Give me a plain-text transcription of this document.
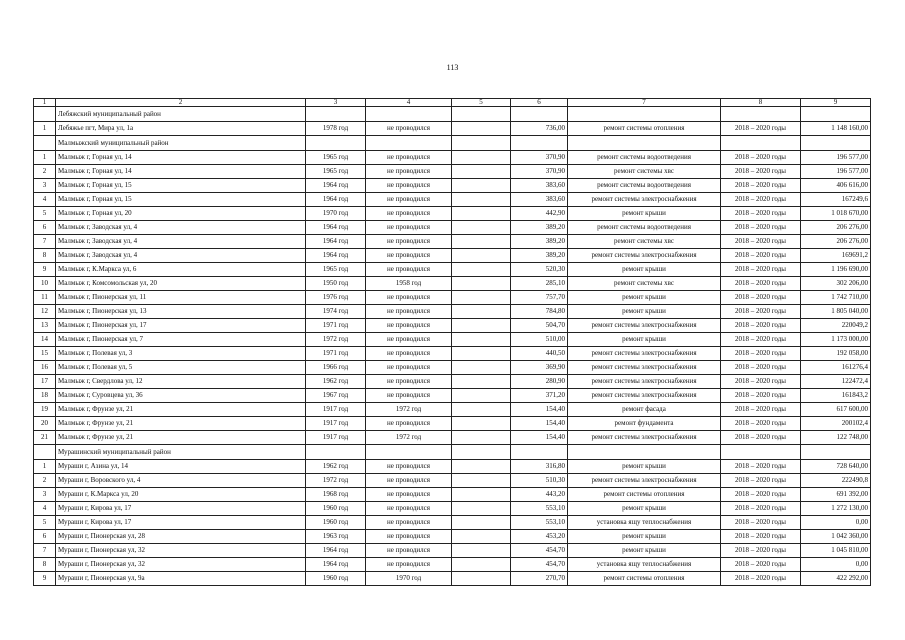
113
1	2	3	4	5	6	7	8	9
	Лебяжский муниципальный район							
1	Лебяжье пгт, Мира ул, 1а	1978 год	не проводился		736,00	ремонт системы отопления	2018 – 2020 годы	1 148 160,00
	Малмыжский муниципальный район							
1	Малмыж г, Горная ул, 14	1965 год	не проводился		370,90	ремонт системы водоотведения	2018 – 2020 годы	196 577,00
2	Малмыж г, Горная ул, 14	1965 год	не проводился		370,90	ремонт системы хвс	2018 – 2020 годы	196 577,00
3	Малмыж г, Горная ул, 15	1964 год	не проводился		383,60	ремонт системы водоотведения	2018 – 2020 годы	406 616,00
4	Малмыж г, Горная ул, 15	1964 год	не проводился		383,60	ремонт системы электроснабжения	2018 – 2020 годы	167249,6
5	Малмыж г, Горная ул, 20	1970 год	не проводился		442,90	ремонт крыши	2018 – 2020 годы	1 018 670,00
6	Малмыж г, Заводская ул, 4	1964 год	не проводился		389,20	ремонт системы водоотведения	2018 – 2020 годы	206 276,00
7	Малмыж г, Заводская ул, 4	1964 год	не проводился		389,20	ремонт системы хвс	2018 – 2020 годы	206 276,00
8	Малмыж г, Заводская ул, 4	1964 год	не проводился		389,20	ремонт системы электроснабжения	2018 – 2020 годы	169691,2
9	Малмыж г, К.Маркса ул, 6	1965 год	не проводился		520,30	ремонт крыши	2018 – 2020 годы	1 196 690,00
10	Малмыж г, Комсомольская ул, 20	1950 год	1958 год		285,10	ремонт системы хвс	2018 – 2020 годы	302 206,00
11	Малмыж г, Пионерская ул, 11	1976 год	не проводился		757,70	ремонт крыши	2018 – 2020 годы	1 742 710,00
12	Малмыж г, Пионерская ул, 13	1974 год	не проводился		784,80	ремонт крыши	2018 – 2020 годы	1 805 040,00
13	Малмыж г, Пионерская ул, 17	1971 год	не проводился		504,70	ремонт системы электроснабжения	2018 – 2020 годы	220049,2
14	Малмыж г, Пионерская ул, 7	1972 год	не проводился		510,00	ремонт крыши	2018 – 2020 годы	1 173 000,00
15	Малмыж г, Полевая ул, 3	1971 год	не проводился		440,50	ремонт системы электроснабжения	2018 – 2020 годы	192 058,00
16	Малмыж г, Полевая ул, 5	1966 год	не проводился		369,90	ремонт системы электроснабжения	2018 – 2020 годы	161276,4
17	Малмыж г, Свердлова ул, 12	1962 год	не проводился		280,90	ремонт системы электроснабжения	2018 – 2020 годы	122472,4
18	Малмыж г, Суровцева ул, 36	1967 год	не проводился		371,20	ремонт системы электроснабжения	2018 – 2020 годы	161843,2
19	Малмыж г, Фрунзе ул, 21	1917 год	1972 год		154,40	ремонт фасада	2018 – 2020 годы	617 600,00
20	Малмыж г, Фрунзе ул, 21	1917 год	не проводился		154,40	ремонт фундамента	2018 – 2020 годы	200102,4
21	Малмыж г, Фрунзе ул, 21	1917 год	1972 год		154,40	ремонт системы электроснабжения	2018 – 2020 годы	122 748,00
	Мурашинский муниципальный район							
1	Мураши г, Азина ул, 14	1962 год	не проводился		316,80	ремонт крыши	2018 – 2020 годы	728 640,00
2	Мураши г, Воровского ул, 4	1972 год	не проводился		510,30	ремонт системы электроснабжения	2018 – 2020 годы	222490,8
3	Мураши г, К.Маркса ул, 20	1968 год	не проводился		443,20	ремонт системы отопления	2018 – 2020 годы	691 392,00
4	Мураши г, Кирова ул, 17	1960 год	не проводился		553,10	ремонт крыши	2018 – 2020 годы	1 272 130,00
5	Мураши г, Кирова ул, 17	1960 год	не проводился		553,10	установка ящу теплоснабжения	2018 – 2020 годы	0,00
6	Мураши г, Пионерская ул, 28	1963 год	не проводился		453,20	ремонт крыши	2018 – 2020 годы	1 042 360,00
7	Мураши г, Пионерская ул, 32	1964 год	не проводился		454,70	ремонт крыши	2018 – 2020 годы	1 045 810,00
8	Мураши г, Пионерская ул, 32	1964 год	не проводился		454,70	установка ящу теплоснабжения	2018 – 2020 годы	0,00
9	Мураши г, Пионерская ул, 9а	1960 год	1970 год		270,70	ремонт системы отопления	2018 – 2020 годы	422 292,00
